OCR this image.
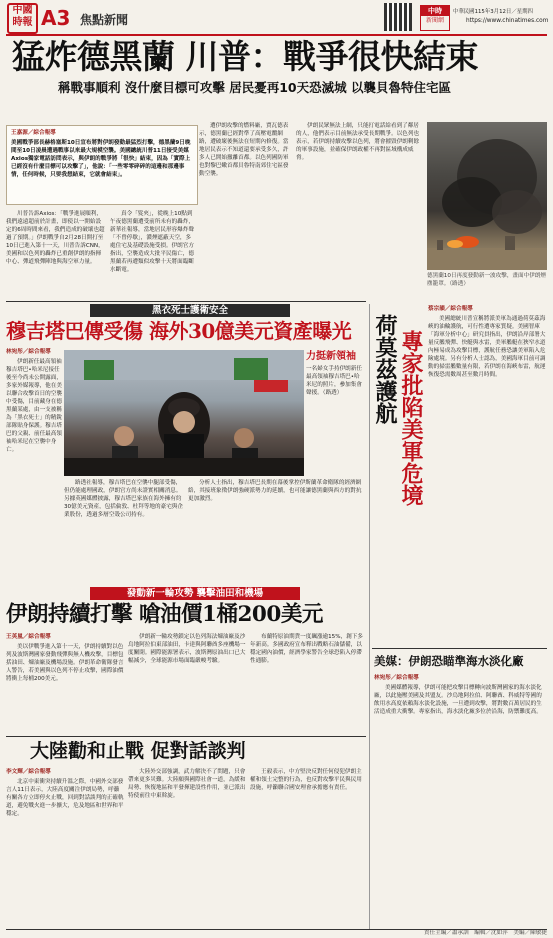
中國
時報 A3 焦點新聞
中時
新聞網
中華民國115年3月12日／星期四
https://www.chinatimes.com
猛炸德黑蘭 川普：戰爭很快結束
稱戰事順利 沒什麼目標可攻擊 居民憂再10天恐滅城 以襲貝魯特住宅區

王嘉源／綜合報導

美國戰爭部長赫格塞斯10日宣布將對伊朗發動最猛烈打擊，德黑蘭9日晚間至10日凌晨遭遇戰事以來最大規模空襲。美國總統川普11日接受美媒Axios獨家電話訪問表示，與伊朗的戰爭將「很快」結束，因為「實際上已經沒有什麼目標可以攻擊了」，他說：「一些零零碎碎的這邊和那邊事情，任何時候，只要我想結束，它就會結束」。

川普告訴Axios：「戰爭進展順利，我們遠遠超前於計畫，即使以一開始設定的6周時間來看，我們造成的破壞也超過了預期。」伊朗戰爭自2月28日開打至10日已進入第十一天，川普告訴CNN，美國和以色列的轟炸已重創伊朗的指揮中心、彈道飛彈陣地與海空軍力量。

真令「髮夾」，從晚上10點到午夜德黑蘭遭受前所未有的轟炸，新華社報導，當地居民形容爆炸聲「不曾停歇」，濃煙遮蔽天空，多處住宅及基礎設施受損。伊朗官方指出，空襲造成大批平民傷亡，德黑蘭若再遭類似攻擊十天將面臨斷水斷電。

遭伊朗攻擊的燃料廠，賈瓦德表示，德黑蘭已經對準了高壓電纜網路，遭破壞後無法在短期內修復。當地居民表示不知道還要承受多久，許多人已開始撤離首都。以色列國防軍也對黎巴嫩首都貝魯特南郊住宅區發動空襲。

伊朗民眾無法上網，只能打電話給看到了鄰居的人，他們表示目前無法承受長期戰爭。以色列也表示，若伊朗持續攻擊以色列，將會摧毀伊朗剩餘的軍事設施，並確保伊朗政權不再對區域構成威脅。

德黑蘭10日再度發動新一波攻擊，畫面中伊朗煙塵籠罩。（路透）

黑衣死士護衛安全
穆吉塔巴傳受傷 海外30億美元資產曝光

林宛彤／綜合報導

伊朗新任最高領袖穆吉塔巴•哈米尼接任後至今尚未公開露面，多家外媒報導，他在美以聯合攻擊首日的空襲中受傷，目前藏身在德黑蘭某處，由一支被稱為「黑衣死士」的精銳部隊貼身保護。穆吉塔巴的父親、前任最高領袖哈米尼在空襲中身亡。

力挺新領袖

一名婦女手持伊朗新任最高領袖穆吉塔巴•哈米尼的照片，參加集會聲援。（路透）

路透社報導，穆吉塔巴在空襲中腿部受傷，但仍能處理國政，伊朗官方尚未證實相關消息。另據英國媒體披露，穆吉塔巴家族在海外擁有約30億美元資產，包括倫敦、杜拜等地的豪宅與企業股份，透過多層空殼公司持有。

分析人士指出，穆吉塔巴長期在幕後掌控伊斯蘭革命衛隊的經濟網絡，其接班象徵伊朗強硬派勢力的延續，也可能讓德黑蘭與西方的對抗更加激烈。

發動新一輪攻勢 襲擊油田和機場
伊朗持續打擊 嗆油價1桶200美元

王英嵐／綜合報導

美以伊戰爭進入第十一天，伊朗持續對以色列及波斯灣國家發動飛彈與無人機攻擊，目標包括油田、煉油廠及機場設施。伊朗革命衛隊發言人警告，若美國與以色列不停止攻擊，國際油價將衝上每桶200美元。

伊朗新一輪攻勢鎖定以色列海法煉油廠及沙烏地阿拉伯東部油田，卡達與阿聯酋多座機場一度關閉。國際能源署表示，波斯灣原油出口已大幅減少，全球能源市場面臨嚴峻考驗。

布蘭特原油期貨一度飆漲逾15%，創下多年新高。多國政府宣布釋出戰略石油儲備，以穩定國內油價，經濟學家警告全球恐陷入停滯性通膨。

大陸勸和止戰 促對話談判

李文輝／綜合報導

北京中東衝突持續升溫之際，中國外交部發言人11日表示，大陸高度關注伊朗局勢，呼籲有關各方立即停火止戰，回到對話談判的正確軌道，避免戰火進一步擴大，危及地區和世界和平穩定。

大陸外交部強調，武力解決不了問題，只會帶來更多災難。大陸願與國際社會一道，為緩和局勢、恢復地區和平發揮建設性作用，並已派出特使前往中東斡旋。

王毅表示，中方堅決反對任何侵犯伊朗主權和領土完整的行為，也反對攻擊平民與民用設施，呼籲聯合國安理會承擔應有責任。

荷莫茲護航 專家批陷美軍危境

蔡宗韻／綜合報導

美國總統川普宣稱將派美軍為通過荷莫茲海峽的油輪護航，可行性遭專家質疑。美國智庫「海軍分析中心」研究員指出，伊朗沿岸部署大量反艦飛彈、快艇與水雷，美軍艦艇在狹窄水道內極易成為攻擊目標，護航任務恐讓美軍陷入危險處境。另有分析人士認為，美國海軍目前可調動的掃雷艦數量有限，若伊朗在海峽布雷，航運恢復恐需數周甚至數月時間。

美媒：伊朗恐瞄準海水淡化廠

林宛彤／綜合報導

美國媒體報導，伊朗可能把攻擊目標轉向波斯灣國家的海水淡化廠，以此施壓美國及其盟友。沙烏地阿拉伯、阿聯酋、科威特等國的飲用水高度依賴海水淡化設施，一旦遭到攻擊，將對數百萬居民的生活造成重大衝擊。專家指出，海水淡化廠多位於沿海，防禦難度高。

責任主編／蕭承訓　編輯／沈如萍　美編／陳敏捷
